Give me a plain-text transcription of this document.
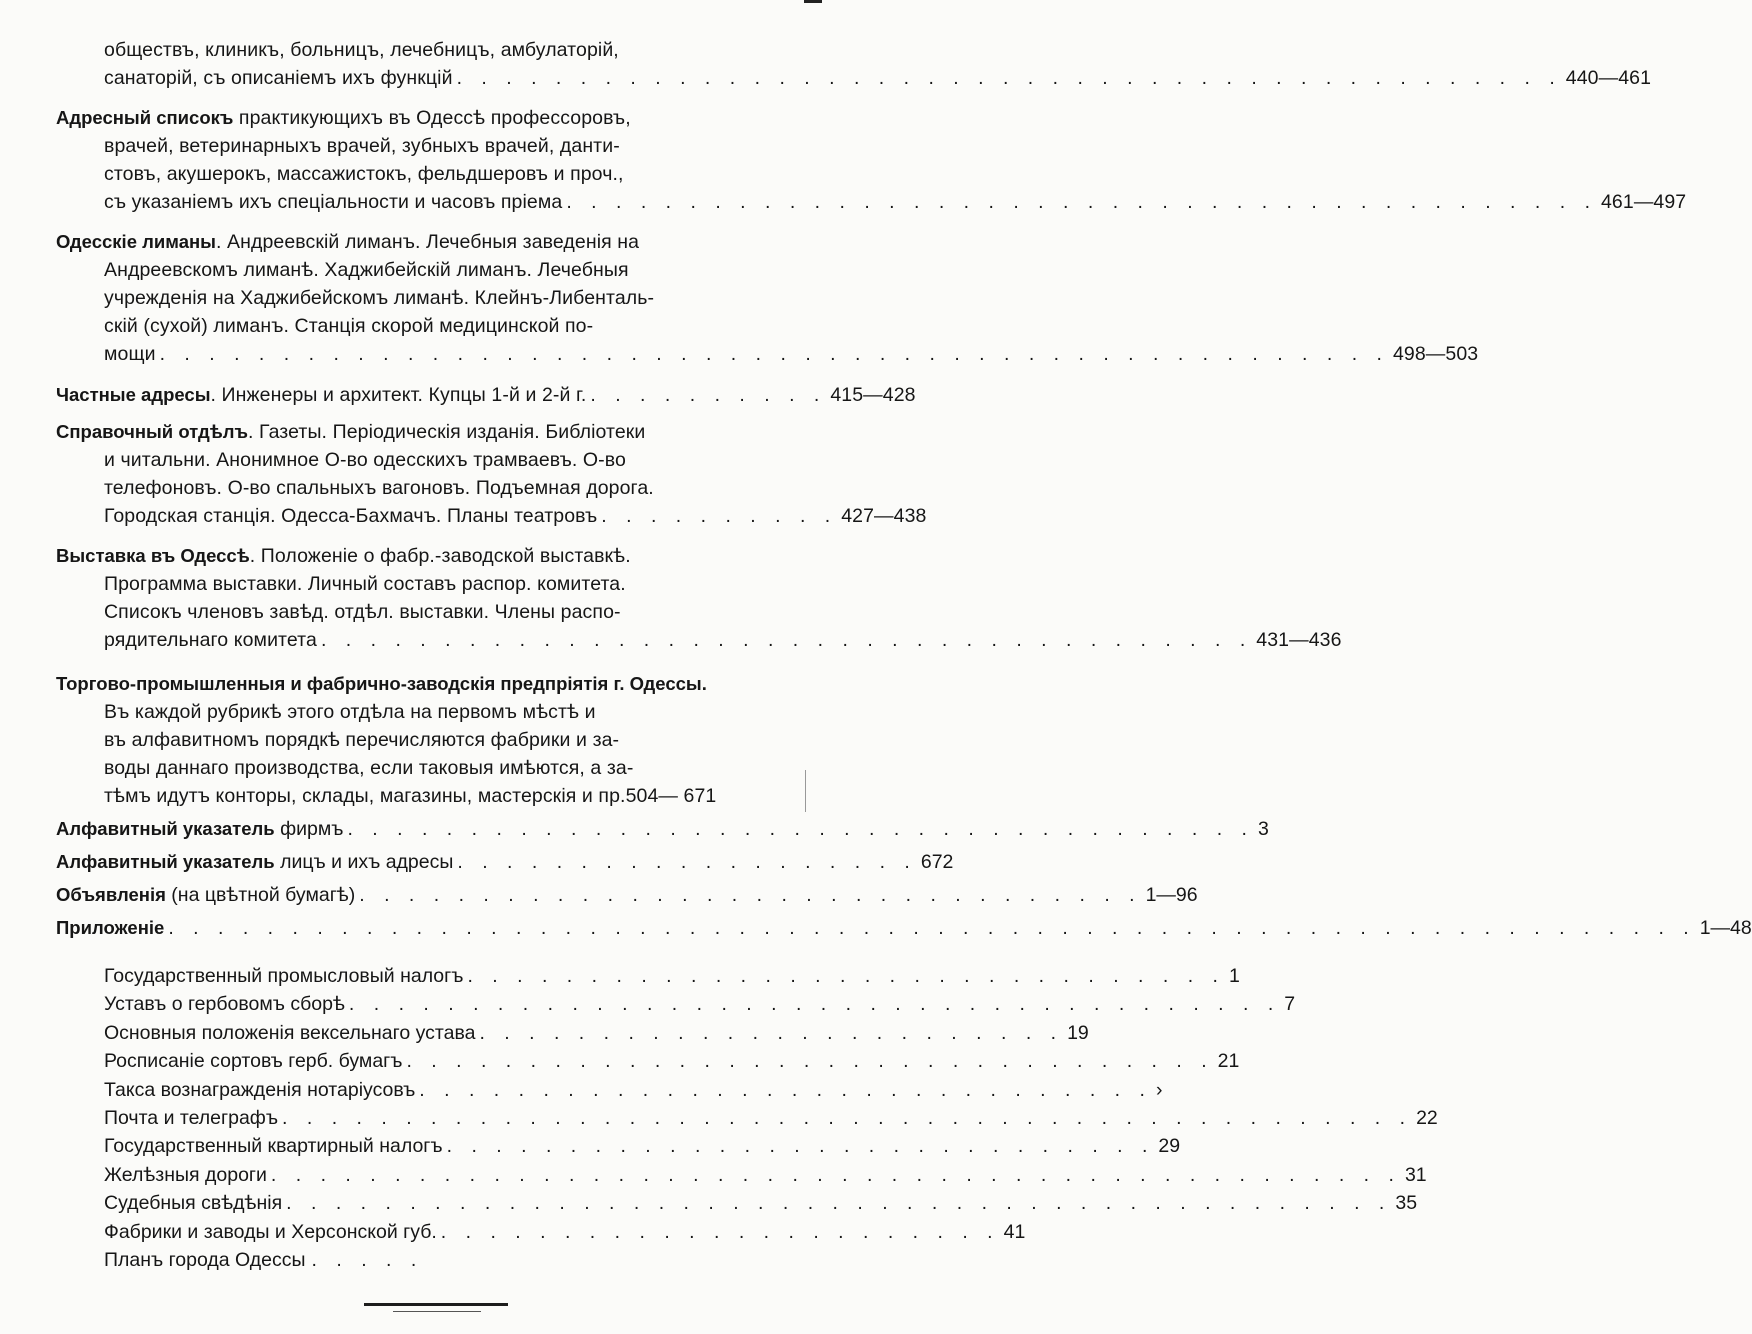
обществъ, клиникъ, больницъ, лечебницъ, амбулаторій,
санаторій, съ описаніемъ ихъ функцій . . . . . . . . . . . . . . . . . . . . . . . . . . . . . . . . . . . . . . . . . . . . . 440—461
Адресный списокъ практикующихъ въ Одессѣ профессоровъ,
врачей, ветеринарныхъ врачей, зубныхъ врачей, данти-
стовъ, акушерокъ, массажистокъ, фельдшеровъ и проч.,
съ указаніемъ ихъ спеціальности и часовъ пріема . . . . . . . . . . . . . . . . . . . . . . . . . . . . . . . . . . . . . . . . . . 461—497
Одесскіе лиманы. Андреевскій лиманъ. Лечебныя заведенія на
Андреевскомъ лиманѣ. Хаджибейскій лиманъ. Лечебныя
учрежденія на Хаджибейскомъ лиманѣ. Клейнъ-Либенталь-
скій (сухой) лиманъ. Станція скорой медицинской по-
мощи . . . . . . . . . . . . . . . . . . . . . . . . . . . . . . . . . . . . . . . . . . . . . . . . . . 498—503
Частные адресы. Инженеры и архитект. Купцы 1-й и 2-й г. . . . . . . . . . . 415—428
Справочный отдѣлъ. Газеты. Періодическія изданія. Библіотеки
и читальни. Анонимное О-во одесскихъ трамваевъ. О-во
телефоновъ. О-во спальныхъ вагоновъ. Подъемная дорога.
Городская станція. Одесса-Бахмачъ. Планы театровъ . . . . . . . . . . 427—438
Выставка въ Одессѣ. Положеніе о фабр.-заводской выставкѣ.
Программа выставки. Личный составъ распор. комитета.
Списокъ членовъ завѣд. отдѣл. выставки. Члены распо-
рядительнаго комитета . . . . . . . . . . . . . . . . . . . . . . . . . . . . . . . . . . . . . . 431—436
Торгово-промышленныя и фабрично-заводскія предпріятія г. Одессы.
Въ каждой рубрикѣ этого отдѣла на первомъ мѣстѣ и
въ алфавитномъ порядкѣ перечисляются фабрики и за-
воды даннаго производства, если таковыя имѣются, а за-
тѣмъ идутъ конторы, склады, магазины, мастерскія и пр.504— 671
Алфавитный указатель фирмъ . . . . . . . . . . . . . . . . . . . . . . . . . . . . . . . . . . . . . 3
Алфавитный указатель лицъ и ихъ адресы . . . . . . . . . . . . . . . . . . . 672
Объявленія (на цвѣтной бумагѣ) . . . . . . . . . . . . . . . . . . . . . . . . . . . . . . . . 1—96
Приложеніе . . . . . . . . . . . . . . . . . . . . . . . . . . . . . . . . . . . . . . . . . . . . . . . . . . . . . . . . . . . . . . 1—48
Государственный промысловый налогъ . . . . . . . . . . . . . . . . . . . . . . . . . . . . . . . 1
Уставъ о гербовомъ сборѣ . . . . . . . . . . . . . . . . . . . . . . . . . . . . . . . . . . . . . . 7
Основныя положенія вексельнаго устава . . . . . . . . . . . . . . . . . . . . . . . . 19
Росписаніе сортовъ герб. бумагъ . . . . . . . . . . . . . . . . . . . . . . . . . . . . . . . . . 21
Такса вознагражденія нотаріусовъ . . . . . . . . . . . . . . . . . . . . . . . . . . . . . . ›
Почта и телеграфъ . . . . . . . . . . . . . . . . . . . . . . . . . . . . . . . . . . . . . . . . . . . . . . 22
Государственный квартирный налогъ . . . . . . . . . . . . . . . . . . . . . . . . . . . . . 29
Желѣзныя дороги . . . . . . . . . . . . . . . . . . . . . . . . . . . . . . . . . . . . . . . . . . . . . . 31
Судебныя свѣдѣнія . . . . . . . . . . . . . . . . . . . . . . . . . . . . . . . . . . . . . . . . . . . . . 35
Фабрики и заводы и Херсонской губ. . . . . . . . . . . . . . . . . . . . . . . . 41
Планъ города Одессы . . . . .
